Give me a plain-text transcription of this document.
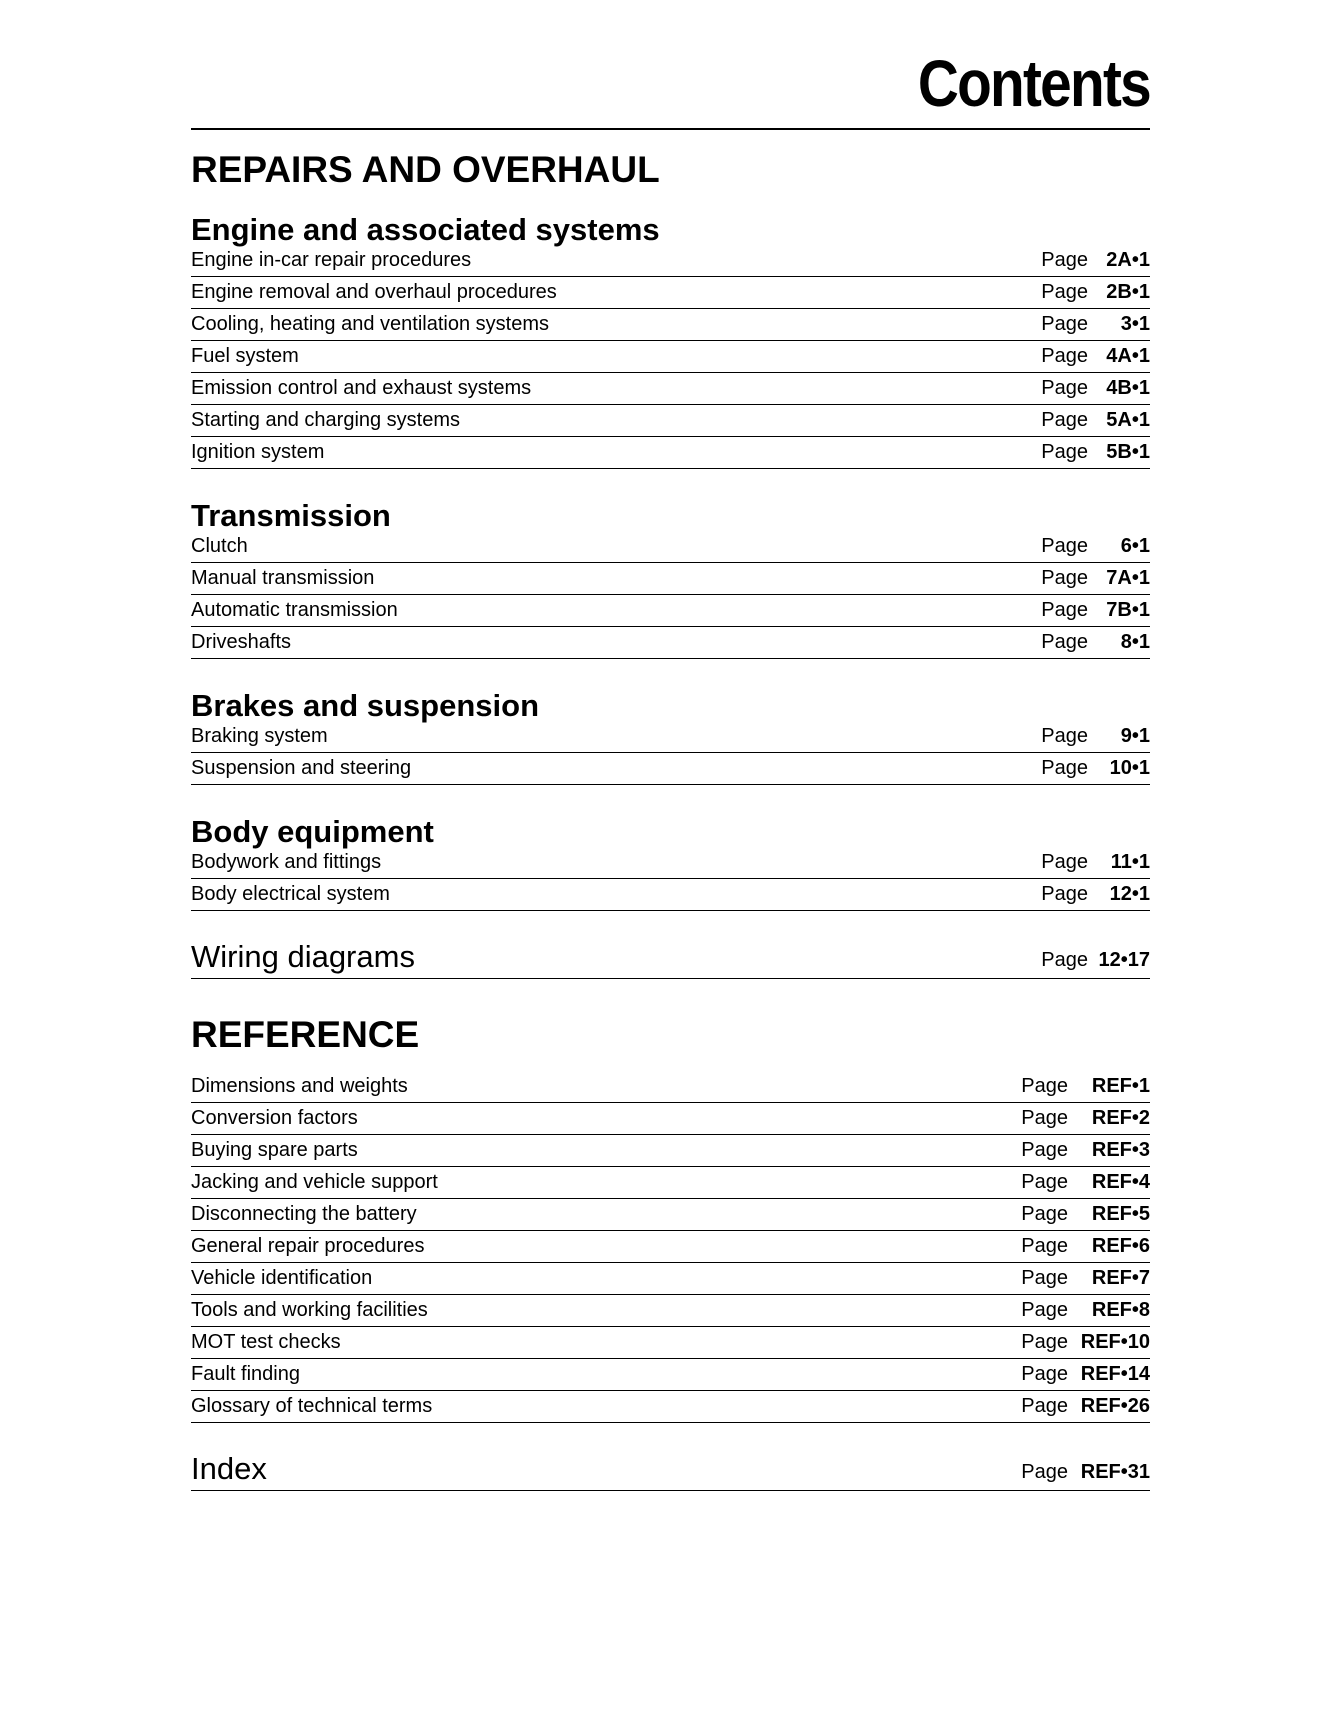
Contents
REPAIRS AND OVERHAUL
Engine and associated systems
Engine in-car repair procedures	Page 2A•1
Engine removal and overhaul procedures	Page 2B•1
Cooling, heating and ventilation systems	Page	3•1
Fuel system	Page 4A•1
Emission control and exhaust systems	Page 4B•1
Starting and charging systems	Page 5A•1
Ignition system	Page 5B•1
Transmission
Clutch	Page	6•1
Manual transmission	Page 7A•1
Automatic transmission	Page 7B•1
Driveshafts	Page	8•1
Brakes and suspension
Braking system	Page	9•1
Suspension and steering	Page	10•1
Body equipment
Bodywork and fittings	Page	11•1
Body electrical system	Page	12•1
Wiring diagrams	Page 12•17
REFERENCE
Dimensions and weights	Page	REF•1
Conversion factors	Page	REF•2
Buying spare parts	Page	REF•3
Jacking and vehicle support	Page	REF•4
Disconnecting the battery	Page	REF•5
General repair procedures	Page	REF•6
Vehicle identification	Page	REF•7
Tools and working facilities	Page	REF•8
MOT test checks	Page REF•10
Fault finding	Page REF•14
Glossary of technical terms	Page REF•26
Index	Page REF•31
